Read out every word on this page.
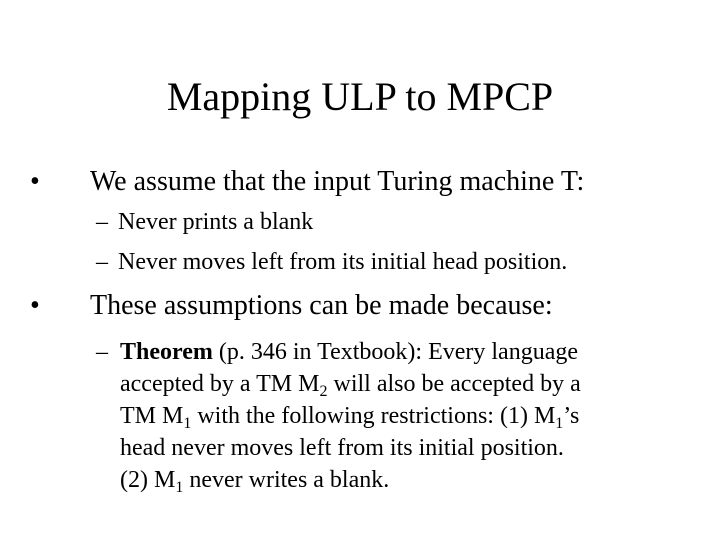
Mapping ULP to MPCP
• We assume that the input Turing machine T:
– Never prints a blank
– Never moves left from its initial head position.
• These assumptions can be made because:
– Theorem (p. 346 in Textbook): Every language
accepted by a TM $M_2$ will also be accepted by a
TM $M_1$ with the following restrictions: (1) $M_1’s$
head never moves left from its initial position.
(2) $M_1$ never writes a blank.
